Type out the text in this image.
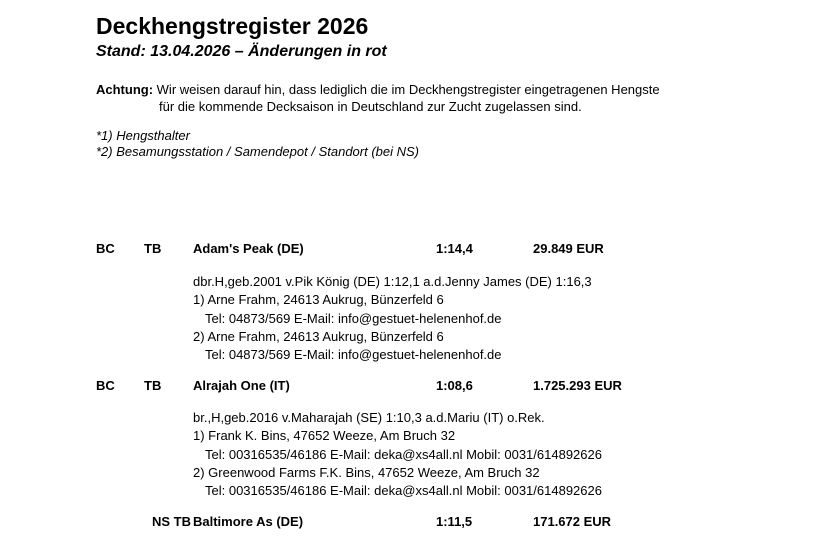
Deckhengstregister 2026
Stand: 13.04.2026 – Änderungen in rot
Achtung: Wir weisen darauf hin, dass lediglich die im Deckhengstregister eingetragenen Hengste
für die kommende Decksaison in Deutschland zur Zucht zugelassen sind.
*1) Hengsthalter
*2) Besamungsstation / Samendepot / Standort (bei NS)
BC TB Adam's Peak (DE)	1:14,4	29.849 EUR
dbr.H,geb.2001 v.Pik König (DE) 1:12,1 a.d.Jenny James (DE) 1:16,3
1) Arne Frahm, 24613 Aukrug, Bünzerfeld 6
Tel: 04873/569 E-Mail: info@gestuet-helenenhof.de
2) Arne Frahm, 24613 Aukrug, Bünzerfeld 6
Tel: 04873/569 E-Mail: info@gestuet-helenenhof.de
BC TB Alrajah One (IT)	1:08,6	1.725.293 EUR
br.,H,geb.2016 v.Maharajah (SE) 1:10,3 a.d.Mariu (IT) o.Rek.
1) Frank K. Bins, 47652 Weeze, Am Bruch 32
Tel: 00316535/46186 E-Mail: deka@xs4all.nl Mobil: 0031/614892626
2) Greenwood Farms F.K. Bins, 47652 Weeze, Am Bruch 32
Tel: 00316535/46186 E-Mail: deka@xs4all.nl Mobil: 0031/614892626
NS TB Baltimore As (DE)	1:11,5	171.672 EUR
